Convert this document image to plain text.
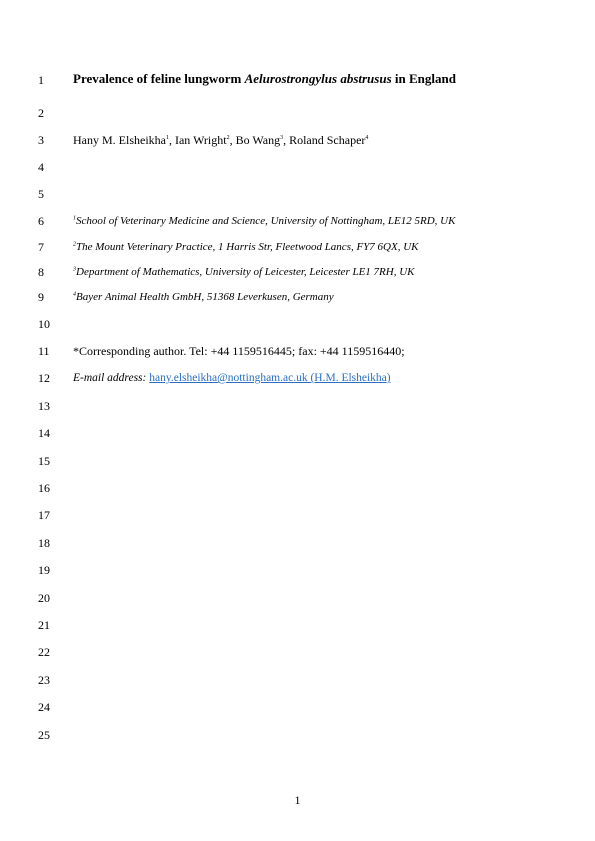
1
2
3
4
5
6
7
8
9
10
11
12
13
14
15
16
17
18
19
20
21
22
23
24
25
Prevalence of feline lungworm Aelurostrongylus abstrusus in England
Hany M. Elsheikha$^1$, Ian Wright$^2$, Bo Wang$^3$, Roland Schaper$^4$
$^1$School of Veterinary Medicine and Science, University of Nottingham, LE12 5RD, UK
$^2$The Mount Veterinary Practice, 1 Harris Str, Fleetwood Lancs, FY7 6QX, UK
$^3$Department of Mathematics, University of Leicester, Leicester LE1 7RH, UK
$^4$Bayer Animal Health GmbH, 51368 Leverkusen, Germany
*Corresponding author. Tel: +44 1159516445; fax: +44 1159516440;
E-mail address: hany.elsheikha@nottingham.ac.uk (H.M. Elsheikha)
1
